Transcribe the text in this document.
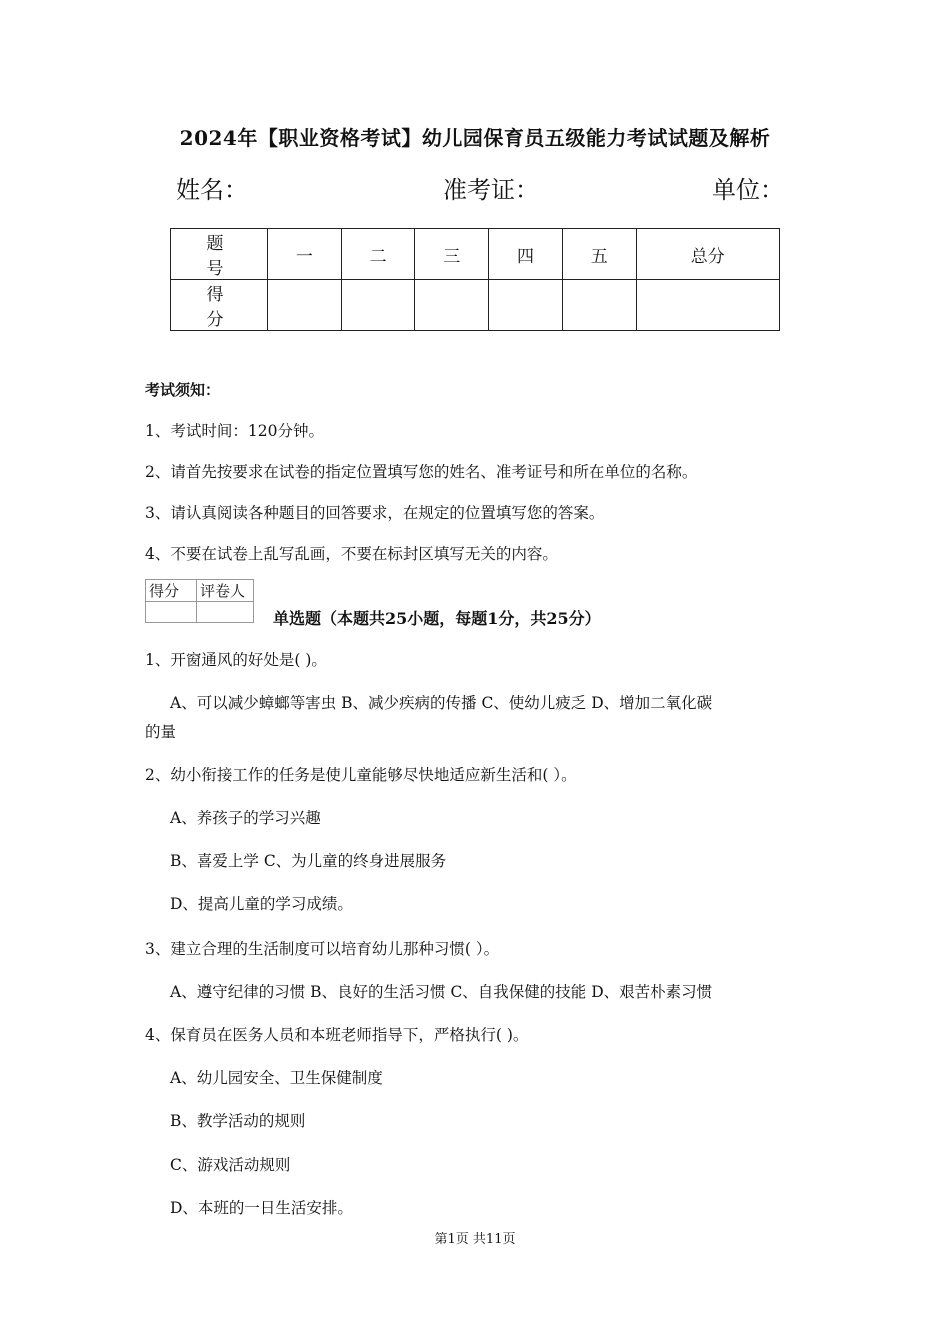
2024年【职业资格考试】幼儿园保育员五级能力考试试题及解析
姓名：	准考证：	单位：
题 号	一	二	三	四	五	总分
得 分						
考试须知：
1、考试时间：120分钟。
2、请首先按要求在试卷的指定位置填写您的姓名、准考证号和所在单位的名称。
3、请认真阅读各种题目的回答要求，在规定的位置填写您的答案。
4、不要在试卷上乱写乱画，不要在标封区填写无关的内容。
得分	评卷人

单选题（本题共25小题，每题1分，共25分）
1、开窗通风的好处是( )。
A、可以减少蟑螂等害虫 B、减少疾病的传播 C、使幼儿疲乏 D、增加二氧化碳
的量
2、幼小衔接工作的任务是使儿童能够尽快地适应新生活和( ）。
A、养孩子的学习兴趣
B、喜爱上学 C、为儿童的终身进展服务
D、提高儿童的学习成绩。
3、建立合理的生活制度可以培育幼儿那种习惯( ）。
A、遵守纪律的习惯 B、良好的生活习惯 C、自我保健的技能 D、艰苦朴素习惯
4、保育员在医务人员和本班老师指导下，严格执行( )。
A、幼儿园安全、卫生保健制度
B、教学活动的规则
C、游戏活动规则
D、本班的一日生活安排。
第1页 共11页
